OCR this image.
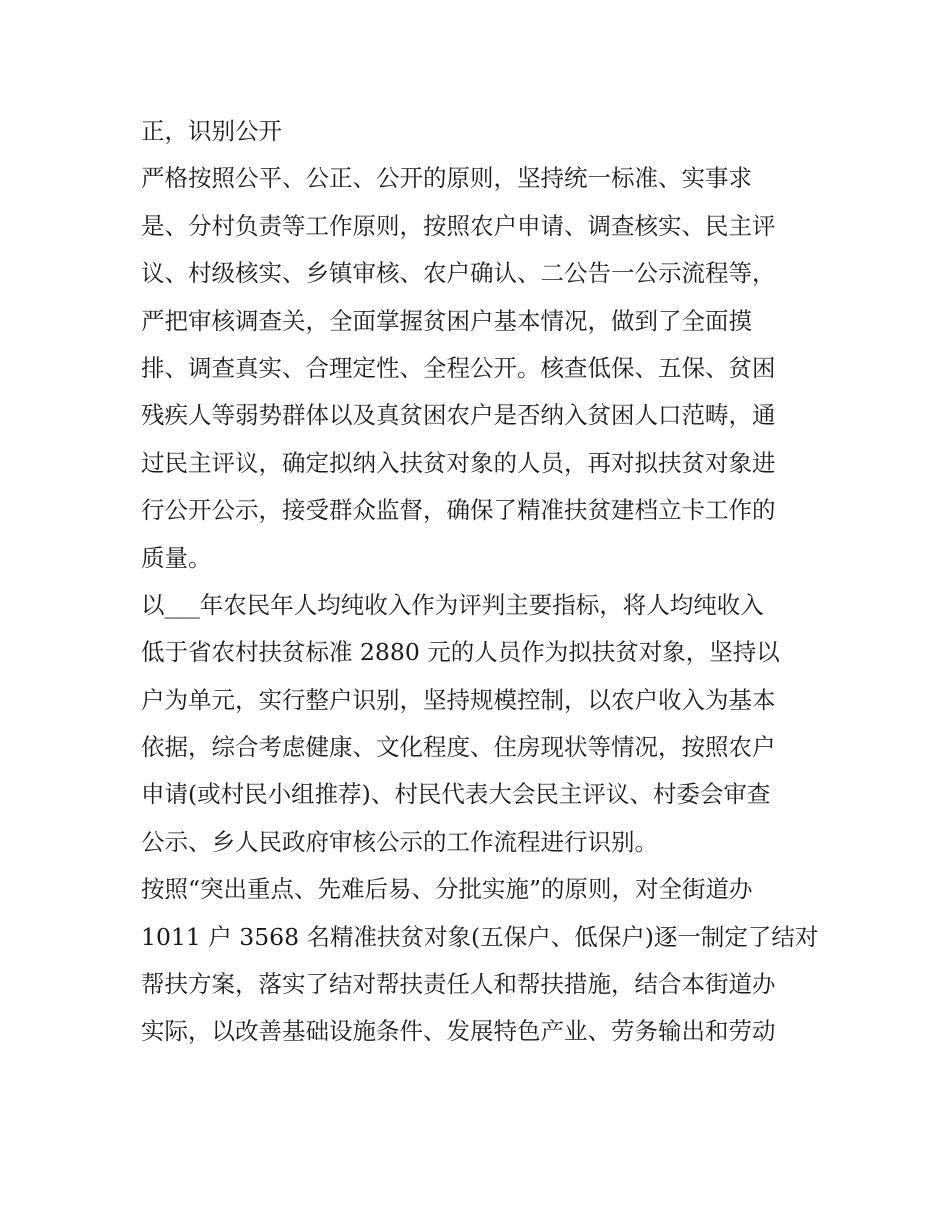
正，识别公开
严格按照公平、公正、公开的原则，坚持统一标准、实事求
是、分村负责等工作原则，按照农户申请、调查核实、民主评
议、村级核实、乡镇审核、农户确认、二公告一公示流程等，
严把审核调查关，全面掌握贫困户基本情况，做到了全面摸
排、调查真实、合理定性、全程公开。核查低保、五保、贫困
残疾人等弱势群体以及真贫困农户是否纳入贫困人口范畴，通
过民主评议，确定拟纳入扶贫对象的人员，再对拟扶贫对象进
行公开公示，接受群众监督，确保了精准扶贫建档立卡工作的
质量。
以___年农民年人均纯收入作为评判主要指标，将人均纯收入
低于省农村扶贫标准 2880 元的人员作为拟扶贫对象，坚持以
户为单元，实行整户识别，坚持规模控制，以农户收入为基本
依据，综合考虑健康、文化程度、住房现状等情况，按照农户
申请(或村民小组推荐)、村民代表大会民主评议、村委会审查
公示、乡人民政府审核公示的工作流程进行识别。
按照“突出重点、先难后易、分批实施”的原则，对全街道办
1011 户 3568 名精准扶贫对象(五保户、低保户)逐一制定了结对
帮扶方案，落实了结对帮扶责任人和帮扶措施，结合本街道办
实际，以改善基础设施条件、发展特色产业、劳务输出和劳动
